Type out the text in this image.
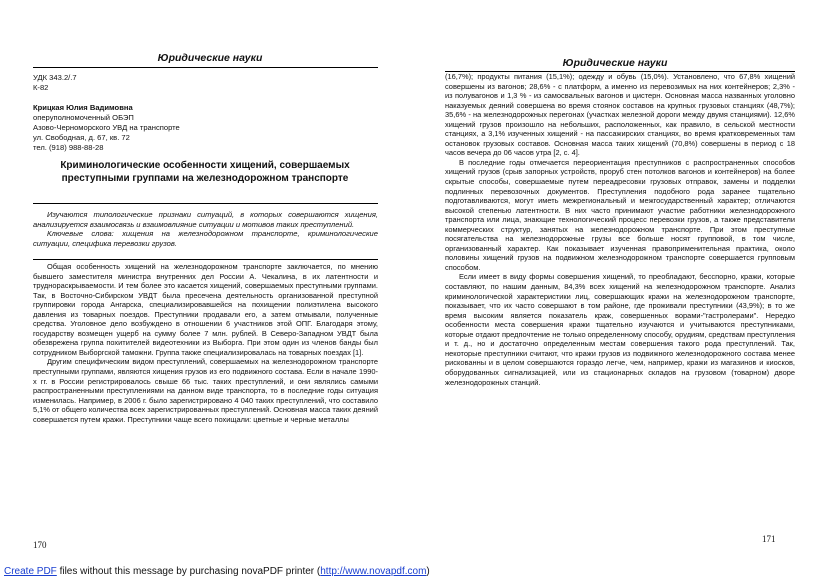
Юридические науки
УДК 343.2/.7
К-82
Крицкая Юлия Вадимовна
оперуполномоченный ОБЭП
Азово-Черноморского УВД на транспорте
ул. Свободная, д. 67, кв. 72
тел. (918) 988-88-28
Криминологические особенности хищений, совершаемых преступными группами на железнодорожном транспорте

Изучаются типологические признаки ситуаций, в которых совершаются хищения, анализируется взаимосвязь и взаимовлияние ситуации и мотивов таких преступлений.

Ключевые слова: хищения на железнодорожном транспорте, криминологические ситуации, специфика перевозки грузов.

Общая особенность хищений на железнодорожном транспорте заключается, по мнению бывшего заместителя министра внутренних дел России А. Чекалина, в их латентности и труднораскрываемости. И тем более это касается хищений, совершаемых преступными группами. Так, в Восточно-Сибирском УВДТ была пресечена деятельность организованной преступной группировки города Ангарска, специализировавшейся на похищении полиэтилена высокого давления из товарных поездов. Преступники продавали его, а затем отмывали, полученные средства. Уголовное дело возбуждено в отношении 6 участников этой ОПГ. Благодаря этому, государству возмещен ущерб на сумму более 7 млн. рублей. В Северо-Западном УВДТ была обезврежена группа похитителей видеотехники из Выборга. При этом один из членов банды был сотрудником Выборгской таможни. Группа также специализировалась на товарных поездах [1].

Другим специфическим видом преступлений, совершаемых на железнодорожном транспорте преступными группами, являются хищения грузов из его подвижного состава. Если в начале 1990-х гг. в России регистрировалось свыше 66 тыс. таких преступлений, и они являлись самыми распространенными преступлениями на данном виде транспорта, то в последние годы ситуация изменилась. Например, в 2006 г. было зарегистрировано 4 040 таких преступлений, что составило 5,1% от общего количества всех зарегистрированных преступлений. Основная масса таких деяний совершается путем кражи. Преступники чаще всего похищали: цветные и черные металлы

170
Юридические науки

(16,7%); продукты питания (15,1%); одежду и обувь (15,0%). Установлено, что 67,8% хищений совершены из вагонов; 28,6% - с платформ, а именно из перевозимых на них контейнеров; 2,3% - из полувагонов и 1,3 % - из самосвальных вагонов и цистерн. Основная масса названных уголовно наказуемых деяний совершена во время стоянок составов на крупных грузовых станциях (48,7%); 35,6% - на железнодорожных перегонах (участках железной дороги между двумя станциями). 12,6% хищений грузов произошло на небольших, расположенных, как правило, в сельской местности станциях, а 3,1% изученных хищений - на пассажирских станциях, во время кратковременных там остановок грузовых составов. Основная масса таких хищений (70,8%) совершены в период с 18 часов вечера до 06 часов утра [2, с. 4].

В последние годы отмечается переориентация преступников с распространенных способов хищений грузов (срыв запорных устройств, проруб стен потолков вагонов и контейнеров) на более скрытые способы, совершаемые путем переадресовки грузовых отправок, замены и подделки подлинных перевозочных документов. Преступления подобного рода заранее тщательно подготавливаются, могут иметь межрегиональный и межгосударственный характер; отличаются высокой степенью латентности. В них часто принимают участие работники железнодорожного транспорта или лица, знающие технологический процесс перевозки грузов, а также представители коммерческих структур, занятых на железнодорожном транспорте. При этом преступные посягательства на железнодорожные грузы все больше носят групповой, в том числе, организованный характер. Как показывает изученная правоприменительная практика, около половины хищений грузов на подвижном железнодорожном транспорте совершается групповым способом.

Если имеет в виду формы совершения хищений, то преобладают, бесспорно, кражи, которые составляют, по нашим данным, 84,3% всех хищений на железнодорожном транспорте. Анализ криминологической характеристики лиц, совершающих кражи на железнодорожном транспорте, показывает, что их часто совершают в том районе, где проживали преступники (43,9%); в то же время высоким является показатель краж, совершенных ворами-"гастролерами". Нередко особенности места совершения кражи тщательно изучаются и учитываются преступниками, которые отдают предпочтение не только определенному способу, орудиям, средствам преступления и т. д., но и достаточно определенным местам совершения такого рода преступлений. Так, некоторые преступники считают, что кражи грузов из подвижного железнодорожного состава менее рискованны и в целом совершаются гораздо легче, чем, например, кражи из магазинов и киосков, оборудованных сигнализацией, или из стационарных складов на грузовом (товарном) дворе железнодорожных станций.

171
Create PDF files without this message by purchasing novaPDF printer (http://www.novapdf.com)
